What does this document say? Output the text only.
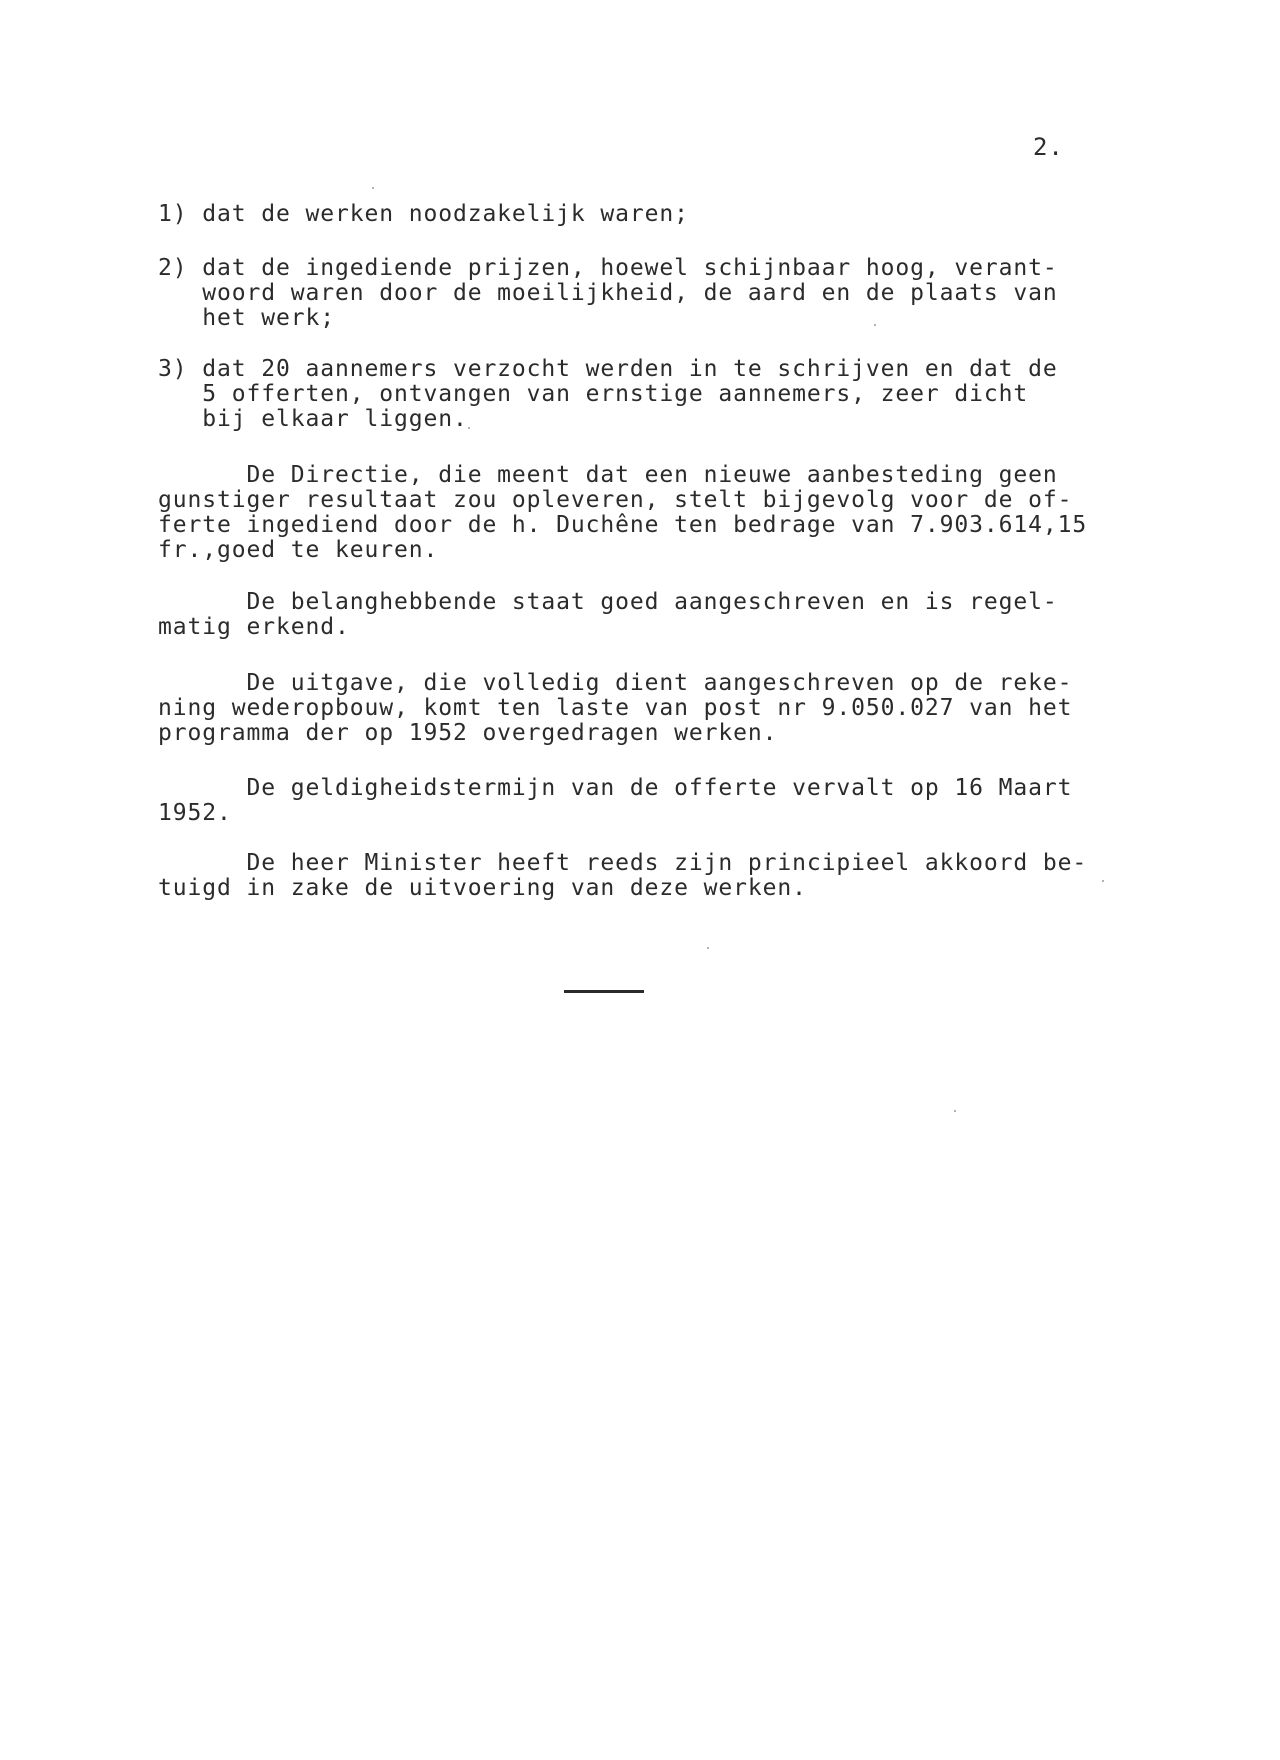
2.
1) dat de werken noodzakelijk waren;
2) dat de ingediende prijzen, hoewel schijnbaar hoog, verant-
woord waren door de moeilijkheid, de aard en de plaats van
het werk;
3) dat 20 aannemers verzocht werden in te schrijven en dat de
5 offerten, ontvangen van ernstige aannemers, zeer dicht
bij elkaar liggen.
De Directie, die meent dat een nieuwe aanbesteding geen
gunstiger resultaat zou opleveren, stelt bijgevolg voor de of-
ferte ingediend door de h. Duchêne ten bedrage van 7.903.614,15
fr.,goed te keuren.
De belanghebbende staat goed aangeschreven en is regel-
matig erkend.
De uitgave, die volledig dient aangeschreven op de reke-
ning wederopbouw, komt ten laste van post nr 9.050.027 van het
programma der op 1952 overgedragen werken.
De geldigheidstermijn van de offerte vervalt op 16 Maart
1952.
De heer Minister heeft reeds zijn principieel akkoord be-
tuigd in zake de uitvoering van deze werken.
